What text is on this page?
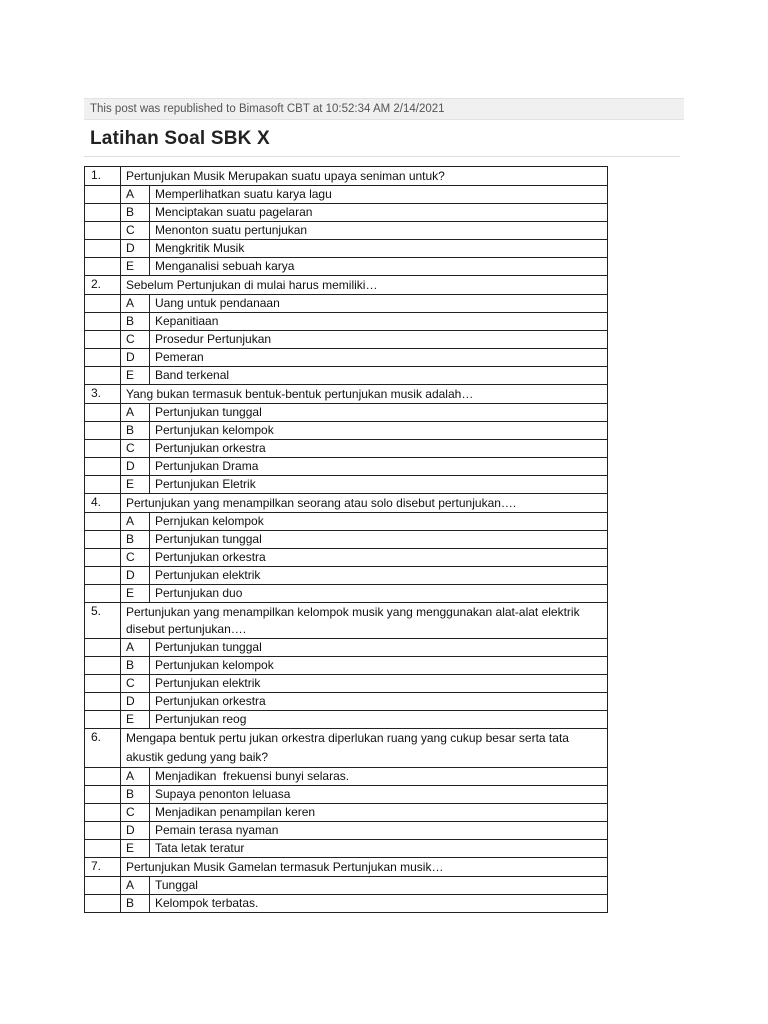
This post was republished to Bimasoft CBT at 10:52:34 AM 2/14/2021
Latihan Soal SBK X
1.	Pertunjukan Musik Merupakan suatu upaya seniman untuk?	
	A	Memperlihatkan suatu karya lagu
	B	Menciptakan suatu pagelaran
	C	Menonton suatu pertunjukan
	D	Mengkritik Musik
	E	Menganalisi sebuah karya
2.	Sebelum Pertunjukan di mulai harus memiliki…	
	A	Uang untuk pendanaan
	B	Kepanitiaan
	C	Prosedur Pertunjukan
	D	Pemeran
	E	Band terkenal
3.	Yang bukan termasuk bentuk-bentuk pertunjukan musik adalah…	
	A	Pertunjukan tunggal
	B	Pertunjukan kelompok
	C	Pertunjukan orkestra
	D	Pertunjukan Drama
	E	Pertunjukan Eletrik
4.	Pertunjukan yang menampilkan seorang atau solo disebut pertunjukan….	
	A	Pernjukan kelompok
	B	Pertunjukan tunggal
	C	Pertunjukan orkestra
	D	Pertunjukan elektrik
	E	Pertunjukan duo
5.	Pertunjukan yang menampilkan kelompok musik yang menggunakan alat-alat elektrik disebut pertunjukan….	
	A	Pertunjukan tunggal
	B	Pertunjukan kelompok
	C	Pertunjukan elektrik
	D	Pertunjukan orkestra
	E	Pertunjukan reog
6.	Mengapa bentuk pertu jukan orkestra diperlukan ruang yang cukup besar serta tata akustik gedung yang baik?	
	A	Menjadikan  frekuensi bunyi selaras.
	B	Supaya penonton leluasa
	C	Menjadikan penampilan keren
	D	Pemain terasa nyaman
	E	Tata letak teratur
7.	Pertunjukan Musik Gamelan termasuk Pertunjukan musik…	
	A	Tunggal
	B	Kelompok terbatas.
